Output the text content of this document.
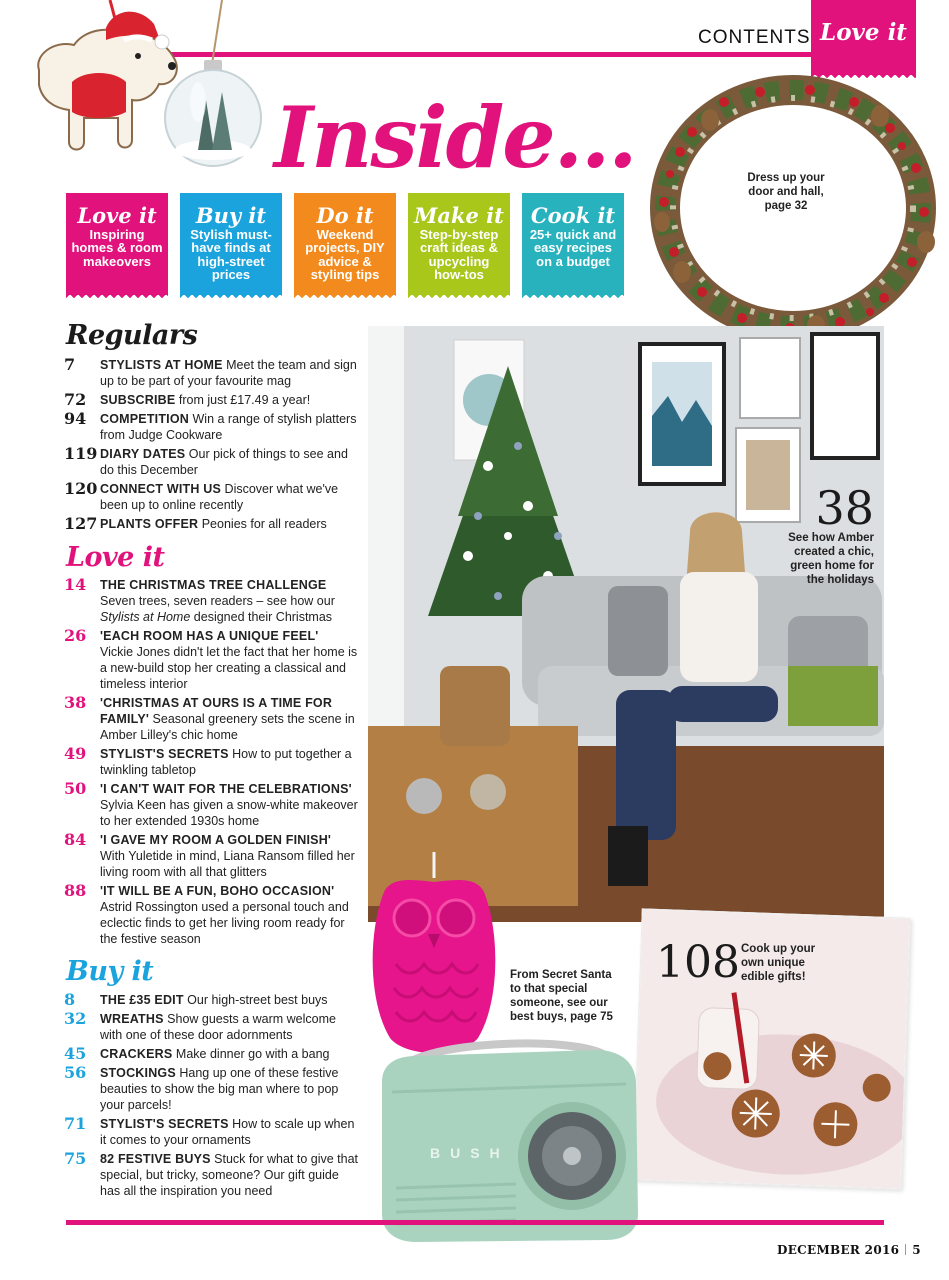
CONTENTS Love it
Inside...
Love it
Inspiring homes & room makeovers
Buy it
Stylish must-have finds at high-street prices
Do it
Weekend projects, DIY advice & styling tips
Make it
Step-by-step craft ideas & upcycling how-tos
Cook it
25+ quick and easy recipes on a budget
Dress up your door and hall, page 32
Regulars
7 STYLISTS AT HOME Meet the team and sign up to be part of your favourite mag
72 SUBSCRIBE from just £17.49 a year!
94 COMPETITION Win a range of stylish platters from Judge Cookware
119 DIARY DATES Our pick of things to see and do this December
120 CONNECT WITH US Discover what we've been up to online recently
127 PLANTS OFFER Peonies for all readers
Love it
14 THE CHRISTMAS TREE CHALLENGE
Seven trees, seven readers – see how our Stylists at Home designed their Christmas
26 'EACH ROOM HAS A UNIQUE FEEL'
Vickie Jones didn't let the fact that her home is a new-build stop her creating a classical and timeless interior
38 'CHRISTMAS AT OURS IS A TIME FOR FAMILY' Seasonal greenery sets the scene in Amber Lilley's chic home
49 STYLIST'S SECRETS How to put together a twinkling tabletop
50 'I CAN'T WAIT FOR THE CELEBRATIONS'
Sylvia Keen has given a snow-white makeover to her extended 1930s home
84 'I GAVE MY ROOM A GOLDEN FINISH'
With Yuletide in mind, Liana Ransom filled her living room with all that glitters
88 'IT WILL BE A FUN, BOHO OCCASION'
Astrid Rossington used a personal touch and eclectic finds to get her living room ready for the festive season
Buy it
8 THE £35 EDIT Our high-street best buys
32 WREATHS Show guests a warm welcome with one of these door adornments
45 CRACKERS Make dinner go with a bang
56 STOCKINGS Hang up one of these festive beauties to show the big man where to pop your parcels!
71 STYLIST'S SECRETS How to scale up when it comes to your ornaments
75 82 FESTIVE BUYS Stuck for what to give that special, but tricky, someone? Our gift guide has all the inspiration you need
38
See how Amber created a chic, green home for the holidays
108 Cook up your own unique edible gifts!
BUSH
From Secret Santa to that special someone, see our best buys, page 75
DECEMBER 2016 5
